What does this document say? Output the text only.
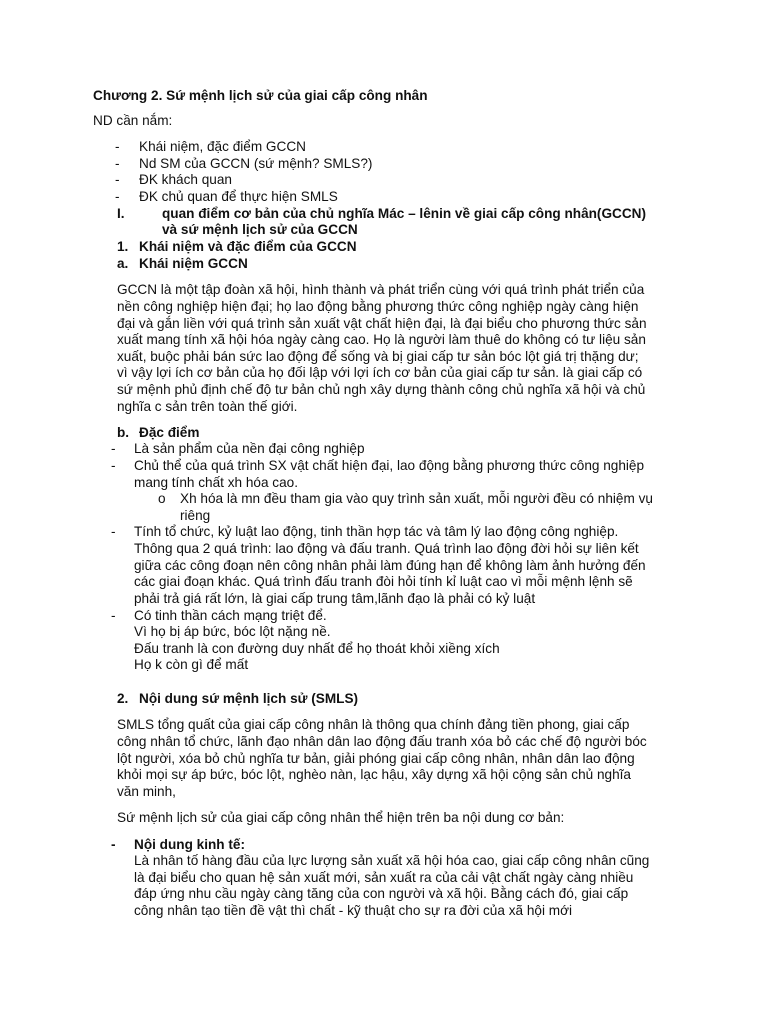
Chương 2. Sứ mệnh lịch sử của giai cấp công nhân
ND cần nắm:
- Khái niệm, đặc điểm GCCN
- Nd SM của GCCN (sứ mệnh? SMLS?)
- ĐK khách quan
- ĐK chủ quan để thực hiện SMLS
I.	quan điểm cơ bản của chủ nghĩa Mác – lênin về giai cấp công nhân(GCCN)
và sứ mệnh lịch sử của GCCN
1. Khái niệm và đặc điểm của GCCN
a. Khái niệm GCCN
GCCN là một tập đoàn xã hội, hình thành và phát triển cùng với quá trình phát triển của
nền công nghiệp hiện đại; họ lao động bằng phương thức công nghiệp ngày càng hiện
đại và gắn liền với quá trình sản xuất vật chất hiện đại, là đại biểu cho phương thức sản
xuất mang tính xã hội hóa ngày càng cao. Họ là người làm thuê do không có tư liệu sản
xuất, buộc phải bán sức lao động để sống và bị giai cấp tư sản bóc lột giá trị thặng dư;
vì vậy lợi ích cơ bản của họ đối lập với lợi ích cơ bản của giai cấp tư sản. là giai cấp có
sứ mệnh phủ định chế độ tư bản chủ ngh xây dựng thành công chủ nghĩa xã hội và chủ
nghĩa c sản trên toàn thế giới.
b. Đặc điểm
- Là sản phẩm của nền đại công nghiệp
- Chủ thể của quá trình SX vật chất hiện đại, lao động bằng phương thức công nghiệp
mang tính chất xh hóa cao.
o Xh hóa là mn đều tham gia vào quy trình sản xuất, mỗi người đều có nhiệm vụ
riêng
- Tính tổ chức, kỷ luật lao động, tinh thần hợp tác và tâm lý lao động công nghiệp.
Thông qua 2 quá trình: lao động và đấu tranh. Quá trình lao động đời hỏi sự liên kết
giữa các công đoạn nên công nhân phải làm đúng hạn để không làm ảnh hưởng đến
các giai đoạn khác. Quá trình đấu tranh đòi hỏi tính kỉ luật cao vì mỗi mệnh lệnh sẽ
phải trả giá rất lớn, là giai cấp trung tâm,lãnh đạo là phải có kỷ luật
- Có tinh thần cách mạng triệt để.
Vì họ bị áp bức, bóc lột nặng nề.
Đấu tranh là con đường duy nhất để họ thoát khỏi xiềng xích
Họ k còn gì để mất
2. Nội dung sứ mệnh lịch sử (SMLS)
SMLS tổng quất của giai cấp công nhân là thông qua chính đảng tiền phong, giai cấp
công nhân tổ chức, lãnh đạo nhân dân lao động đấu tranh xóa bỏ các chế độ người bóc
lột người, xóa bỏ chủ nghĩa tư bản, giải phóng giai cấp công nhân, nhân dân lao động
khỏi mọi sự áp bức, bóc lột, nghèo nàn, lạc hậu, xây dựng xã hội cộng sản chủ nghĩa
văn minh,
Sứ mệnh lịch sử của giai cấp công nhân thể hiện trên ba nội dung cơ bản:
- Nội dung kinh tế:
Là nhân tố hàng đầu của lực lượng sản xuất xã hội hóa cao, giai cấp công nhân cũng
là đại biểu cho quan hệ sản xuất mới, sản xuất ra của cải vật chất ngày càng nhiều
đáp ứng nhu cầu ngày càng tăng của con người và xã hội. Bằng cách đó, giai cấp
công nhân tạo tiền đề vật thì chất - kỹ thuật cho sự ra đời của xã hội mới
